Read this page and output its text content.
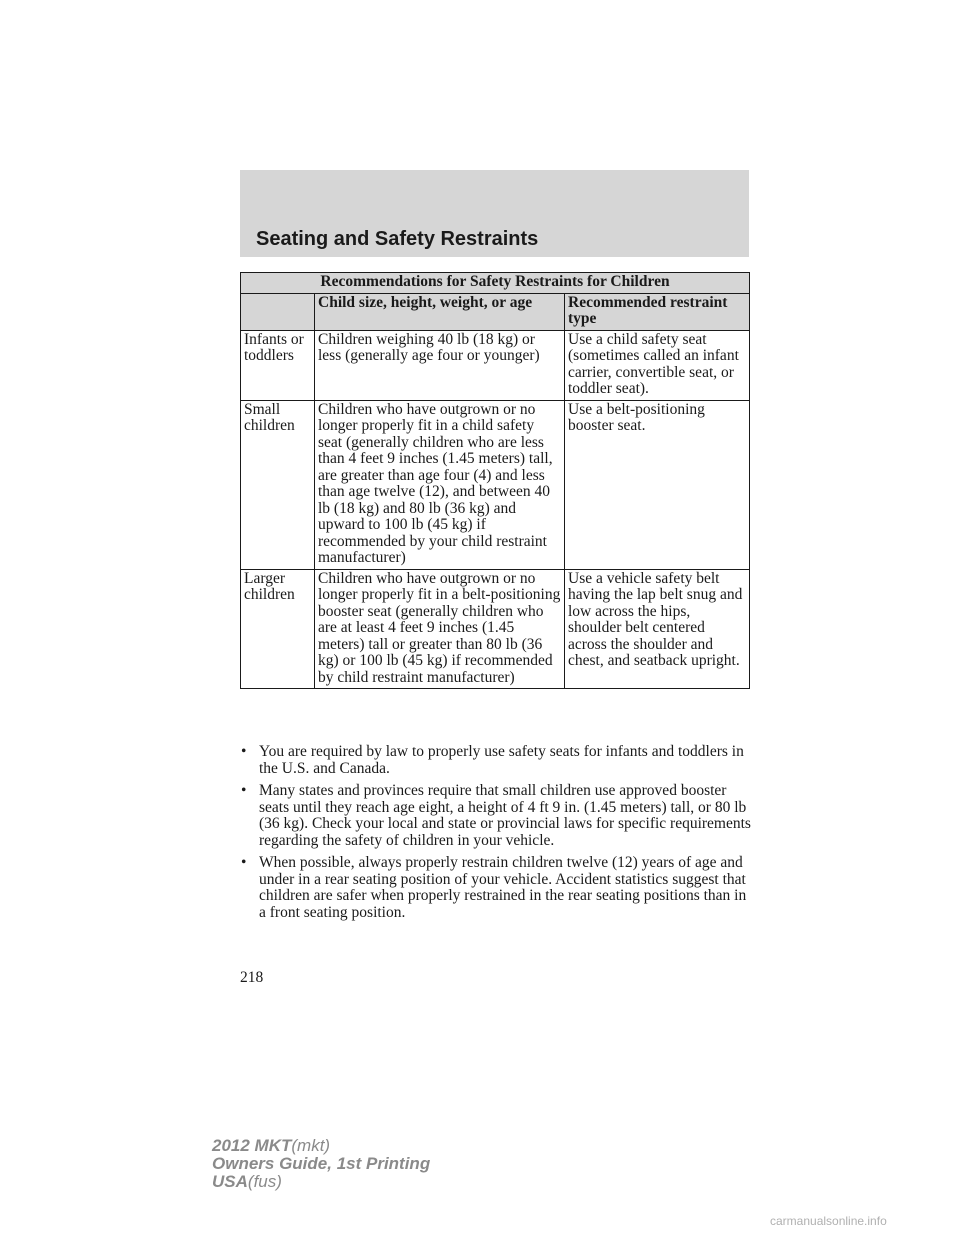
Seating and Safety Restraints
Recommendations for Safety Restraints for Children		
	Child size, height, weight, or age	Recommended restraint type
Infants or toddlers	Children weighing 40 lb (18 kg) or less (generally age four or younger)	Use a child safety seat (sometimes called an infant carrier, convertible seat, or toddler seat).
Small children	Children who have outgrown or no longer properly fit in a child safety seat (generally children who are less than 4 feet 9 inches (1.45 meters) tall, are greater than age four (4) and less than age twelve (12), and between 40 lb (18 kg) and 80 lb (36 kg) and upward to 100 lb (45 kg) if recommended by your child restraint manufacturer)	Use a belt-positioning booster seat.
Larger children	Children who have outgrown or no longer properly fit in a belt-positioning booster seat (generally children who are at least 4 feet 9 inches (1.45 meters) tall or greater than 80 lb (36 kg) or 100 lb (45 kg) if recommended by child restraint manufacturer)	Use a vehicle safety belt having the lap belt snug and low across the hips, shoulder belt centered across the shoulder and chest, and seatback upright.
• You are required by law to properly use safety seats for infants and toddlers in the U.S. and Canada.
• Many states and provinces require that small children use approved booster seats until they reach age eight, a height of 4 ft 9 in. (1.45 meters) tall, or 80 lb (36 kg). Check your local and state or provincial laws for specific requirements regarding the safety of children in your vehicle.
• When possible, always properly restrain children twelve (12) years of age and under in a rear seating position of your vehicle. Accident statistics suggest that children are safer when properly restrained in the rear seating positions than in a front seating position.
218
2012 MKT(mkt)
Owners Guide, 1st Printing
USA(fus)
carmanualsonline.info
